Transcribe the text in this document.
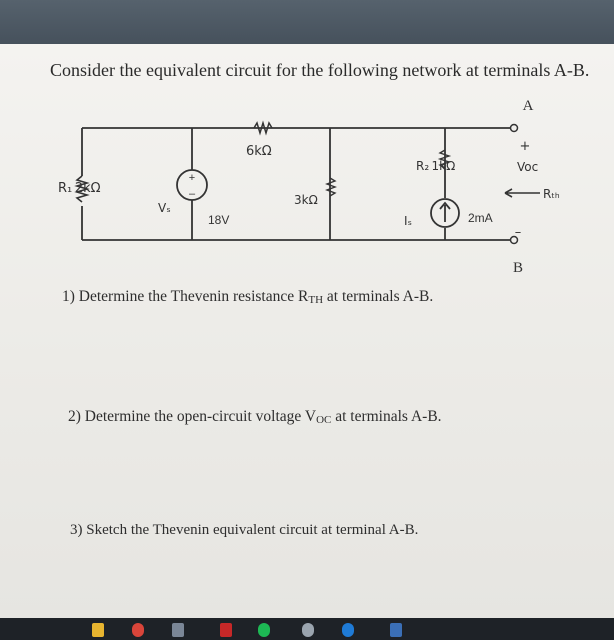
Consider the equivalent circuit for the following network at terminals A-B.
+
–
A
B
R₁ 2kΩ
Vₛ
18V
6kΩ
3kΩ
R₂ 1kΩ
Iₛ	2mA
+
Voc
–
Rₜₕ

1) Determine the Thevenin resistance $R_{TH}$ at terminals A-B.

2) Determine the open-circuit voltage $V_{OC}$ at terminals A-B.

3) Sketch the Thevenin equivalent circuit at terminal A-B.
